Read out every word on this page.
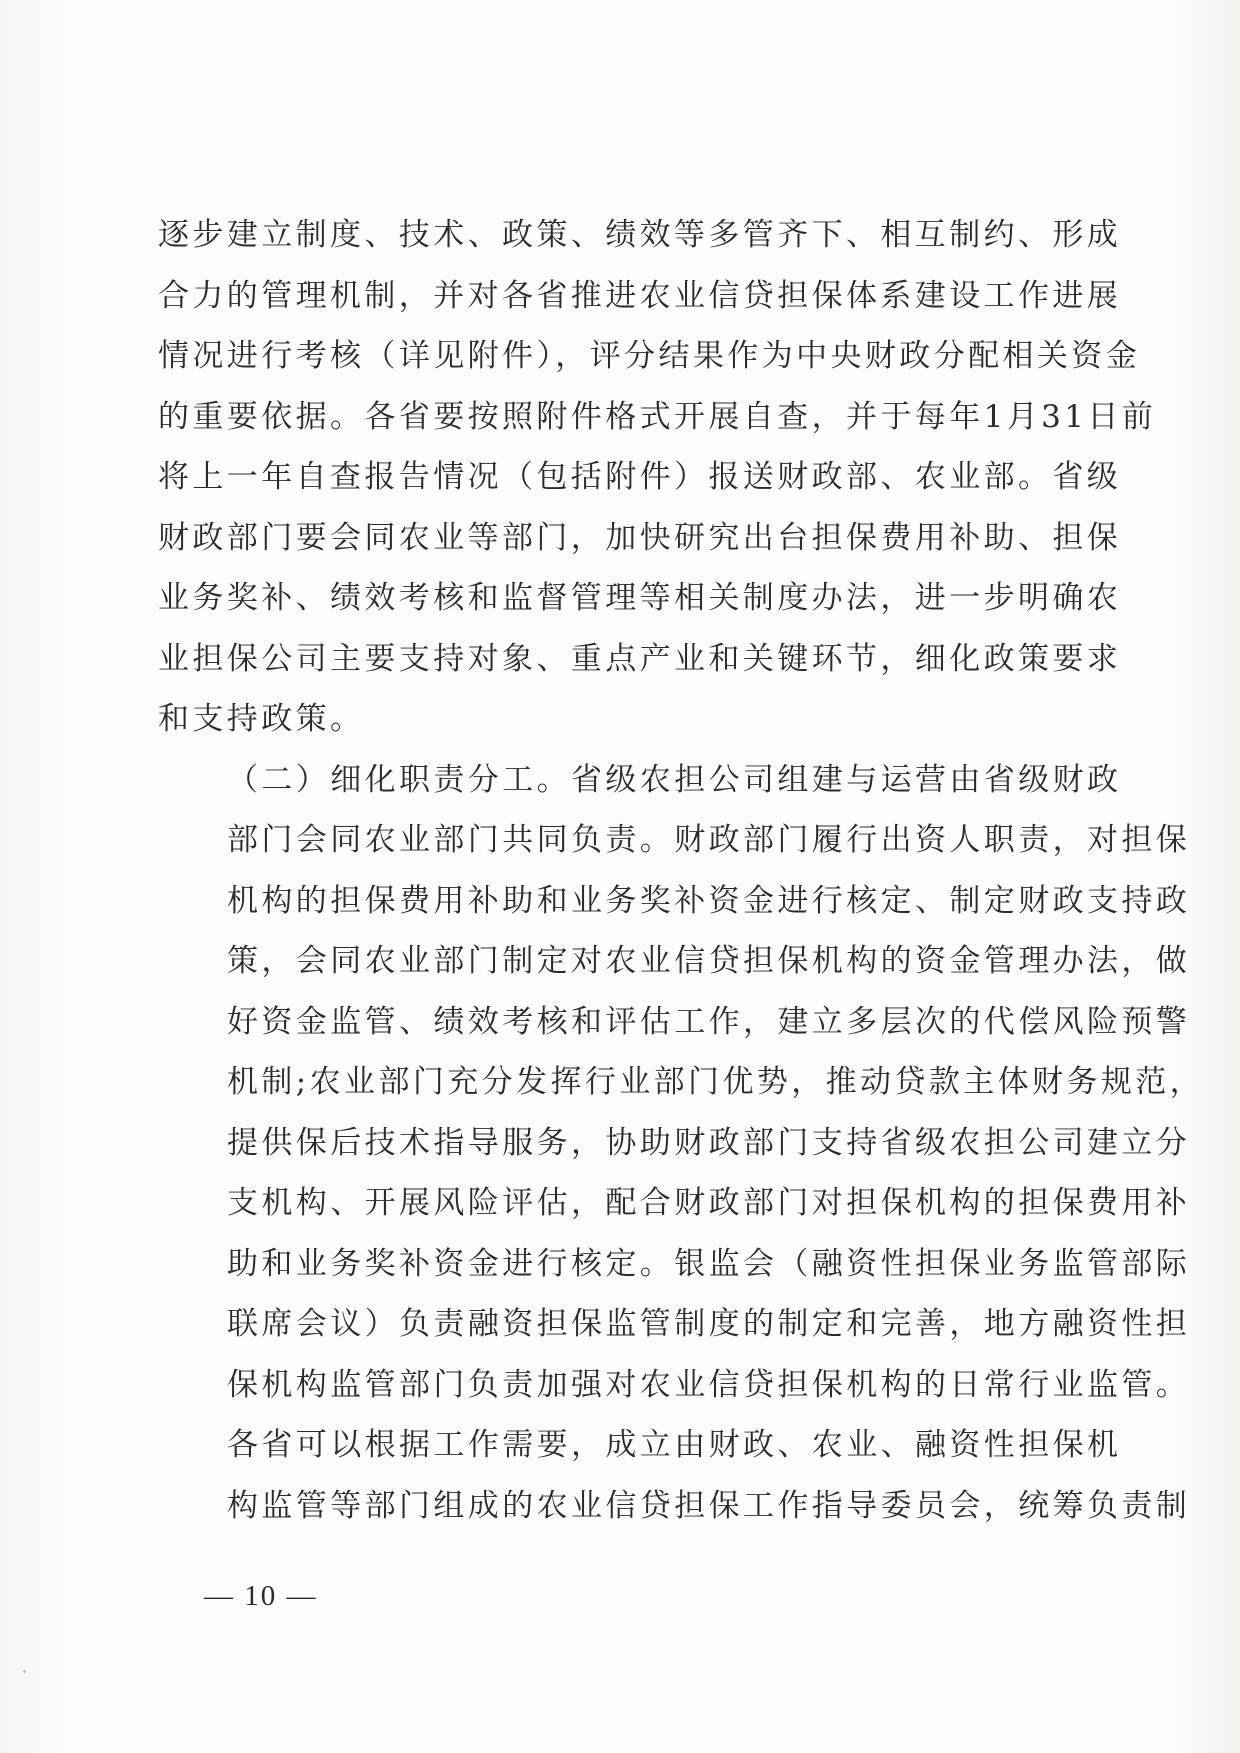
逐步建立制度、技术、政策、绩效等多管齐下、相互制约、形成
合力的管理机制，并对各省推进农业信贷担保体系建设工作进展
情况进行考核（详见附件），评分结果作为中央财政分配相关资金
的重要依据。各省要按照附件格式开展自查，并于每年1月31日前
将上一年自查报告情况（包括附件）报送财政部、农业部。省级
财政部门要会同农业等部门，加快研究出台担保费用补助、担保
业务奖补、绩效考核和监督管理等相关制度办法，进一步明确农
业担保公司主要支持对象、重点产业和关键环节，细化政策要求
和支持政策。

（二）细化职责分工。省级农担公司组建与运营由省级财政
部门会同农业部门共同负责。财政部门履行出资人职责，对担保
机构的担保费用补助和业务奖补资金进行核定、制定财政支持政
策，会同农业部门制定对农业信贷担保机构的资金管理办法，做
好资金监管、绩效考核和评估工作，建立多层次的代偿风险预警
机制;农业部门充分发挥行业部门优势，推动贷款主体财务规范，
提供保后技术指导服务，协助财政部门支持省级农担公司建立分
支机构、开展风险评估，配合财政部门对担保机构的担保费用补
助和业务奖补资金进行核定。银监会（融资性担保业务监管部际
联席会议）负责融资担保监管制度的制定和完善，地方融资性担
保机构监管部门负责加强对农业信贷担保机构的日常行业监管。

各省可以根据工作需要，成立由财政、农业、融资性担保机
构监管等部门组成的农业信贷担保工作指导委员会，统筹负责制

— 10 —
